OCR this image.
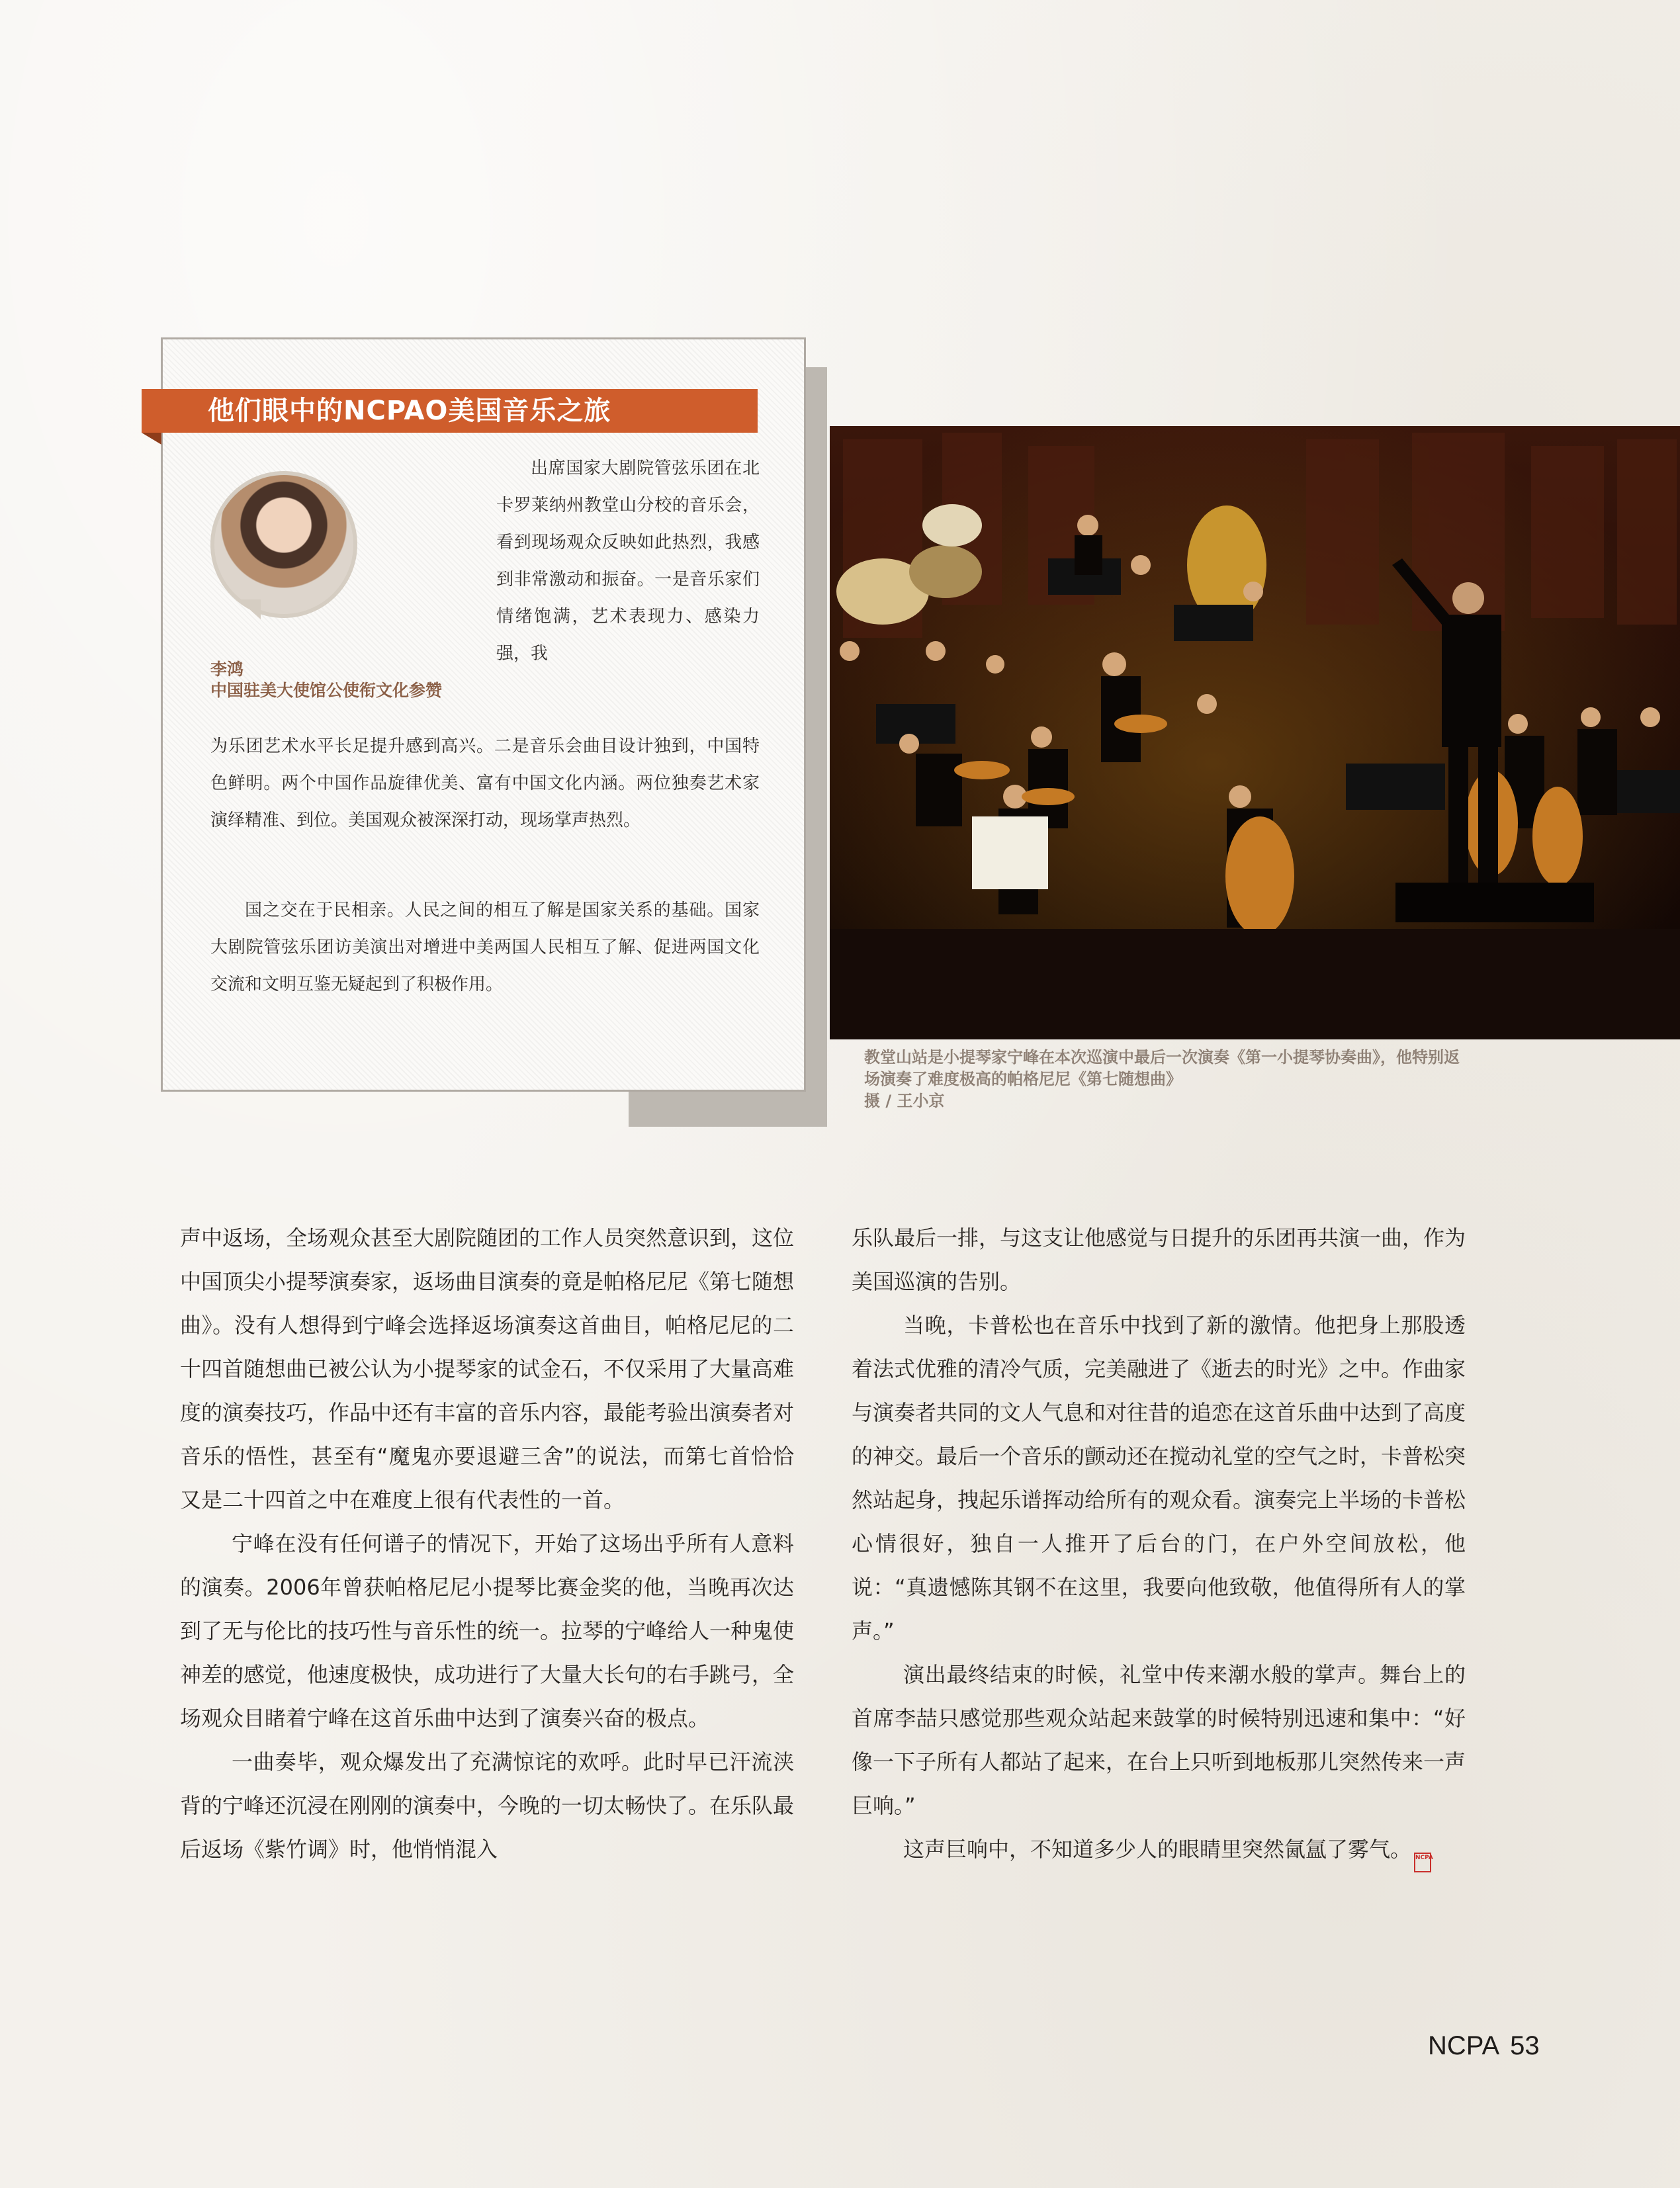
他们眼中的NCPAO美国音乐之旅
李鸿
中国驻美大使馆公使衔文化参赞

出席国家大剧院管弦乐团在北卡罗莱纳州教堂山分校的音乐会，看到现场观众反映如此热烈，我感到非常激动和振奋。一是音乐家们情绪饱满，艺术表现力、感染力强，我

为乐团艺术水平长足提升感到高兴。二是音乐会曲目设计独到，中国特色鲜明。两个中国作品旋律优美、富有中国文化内涵。两位独奏艺术家演绎精准、到位。美国观众被深深打动，现场掌声热烈。

国之交在于民相亲。人民之间的相互了解是国家关系的基础。国家大剧院管弦乐团访美演出对增进中美两国人民相互了解、促进两国文化交流和文明互鉴无疑起到了积极作用。

教堂山站是小提琴家宁峰在本次巡演中最后一次演奏《第一小提琴协奏曲》，他特别返场演奏了难度极高的帕格尼尼《第七随想曲》
摄 / 王小京

声中返场，全场观众甚至大剧院随团的工作人员突然意识到，这位中国顶尖小提琴演奏家，返场曲目演奏的竟是帕格尼尼《第七随想曲》。没有人想得到宁峰会选择返场演奏这首曲目，帕格尼尼的二十四首随想曲已被公认为小提琴家的试金石，不仅采用了大量高难度的演奏技巧，作品中还有丰富的音乐内容，最能考验出演奏者对音乐的悟性，甚至有“魔鬼亦要退避三舍”的说法，而第七首恰恰又是二十四首之中在难度上很有代表性的一首。

宁峰在没有任何谱子的情况下，开始了这场出乎所有人意料的演奏。2006年曾获帕格尼尼小提琴比赛金奖的他，当晚再次达到了无与伦比的技巧性与音乐性的统一。拉琴的宁峰给人一种鬼使神差的感觉，他速度极快，成功进行了大量大长句的右手跳弓，全场观众目睹着宁峰在这首乐曲中达到了演奏兴奋的极点。

一曲奏毕，观众爆发出了充满惊诧的欢呼。此时早已汗流浃背的宁峰还沉浸在刚刚的演奏中，今晚的一切太畅快了。在乐队最后返场《紫竹调》时，他悄悄混入

乐队最后一排，与这支让他感觉与日提升的乐团再共演一曲，作为美国巡演的告别。

当晚，卡普松也在音乐中找到了新的激情。他把身上那股透着法式优雅的清冷气质，完美融进了《逝去的时光》之中。作曲家与演奏者共同的文人气息和对往昔的追恋在这首乐曲中达到了高度的神交。最后一个音乐的颤动还在搅动礼堂的空气之时，卡普松突然站起身，拽起乐谱挥动给所有的观众看。演奏完上半场的卡普松心情很好，独自一人推开了后台的门，在户外空间放松，他说：“真遗憾陈其钢不在这里，我要向他致敬，他值得所有人的掌声。”

演出最终结束的时候，礼堂中传来潮水般的掌声。舞台上的首席李喆只感觉那些观众站起来鼓掌的时候特别迅速和集中：“好像一下子所有人都站了起来，在台上只听到地板那儿突然传来一声巨响。”

这声巨响中，不知道多少人的眼睛里突然氤氲了雾气。 NCPA

NCPA 53
